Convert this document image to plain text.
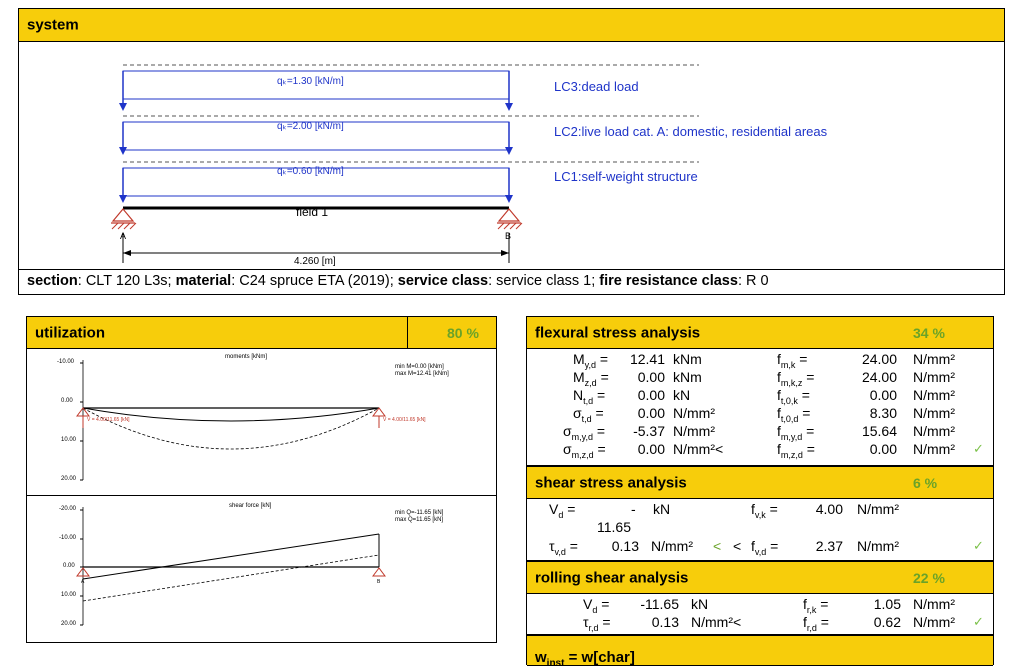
system
qₖ=1.30 [kN/m]
qₖ=2.00 [kN/m]
qₖ=0.60 [kN/m]
LC3:dead load
LC2:live load cat. A: domestic, residential areas
LC1:self-weight structure
field 1
A	B
4.260 [m]
section: CLT 120 L3s; material: C24 spruce ETA (2019); service class: service class 1; fire resistance class: R 0
utilization	80 %
moments [kNm]
min M=0.00 [kNm]
max M=12.41 [kNm]
-10.00
0.00
10.00
20.00
V = 4.00/11.65 [kN]	V = 4.00/11.65 [kN]
shear force [kN]
min Q=-11.65 [kN]
max Q=11.65 [kN]
-20.00
-10.00
0.00
10.00
20.00
A	B
flexural stress analysis	34 %
$M_{y,d}$ =	12.41 kNm	$f_{m,k}$ =	24.00 N/mm²
$M_{z,d}$ =	0.00 kNm	$f_{m,k,z}$ =	24.00 N/mm²
$N_{t,d}$ =	0.00 kN	$f_{t,0,k}$ =	0.00 N/mm²
$\sigma_{t,d}$ =	0.00 N/mm²	$f_{t,0,d}$ =	8.30 N/mm²
$\sigma_{m,y,d}$ =	-5.37 N/mm²	$f_{m,y,d}$ =	15.64 N/mm²
$\sigma_{m,z,d}$ =	0.00 N/mm²<	$f_{m,z,d}$ =	0.00 N/mm² ✓
shear stress analysis	6 %
$V_d$ =	- kN	$f_{v,k}$ =	4.00 N/mm²
11.65
$\tau_{v,d}$ =	0.13 N/mm² < < $f_{v,d}$ =	2.37 N/mm²	✓
rolling shear analysis	22 %
$V_d$ =	-11.65 kN	$f_{r,k}$ =	1.05 N/mm²
$\tau_{r,d}$ =	0.13 N/mm²<	$f_{r,d}$ =	0.62 N/mm² ✓
$w_{inst}$ = w[char]
